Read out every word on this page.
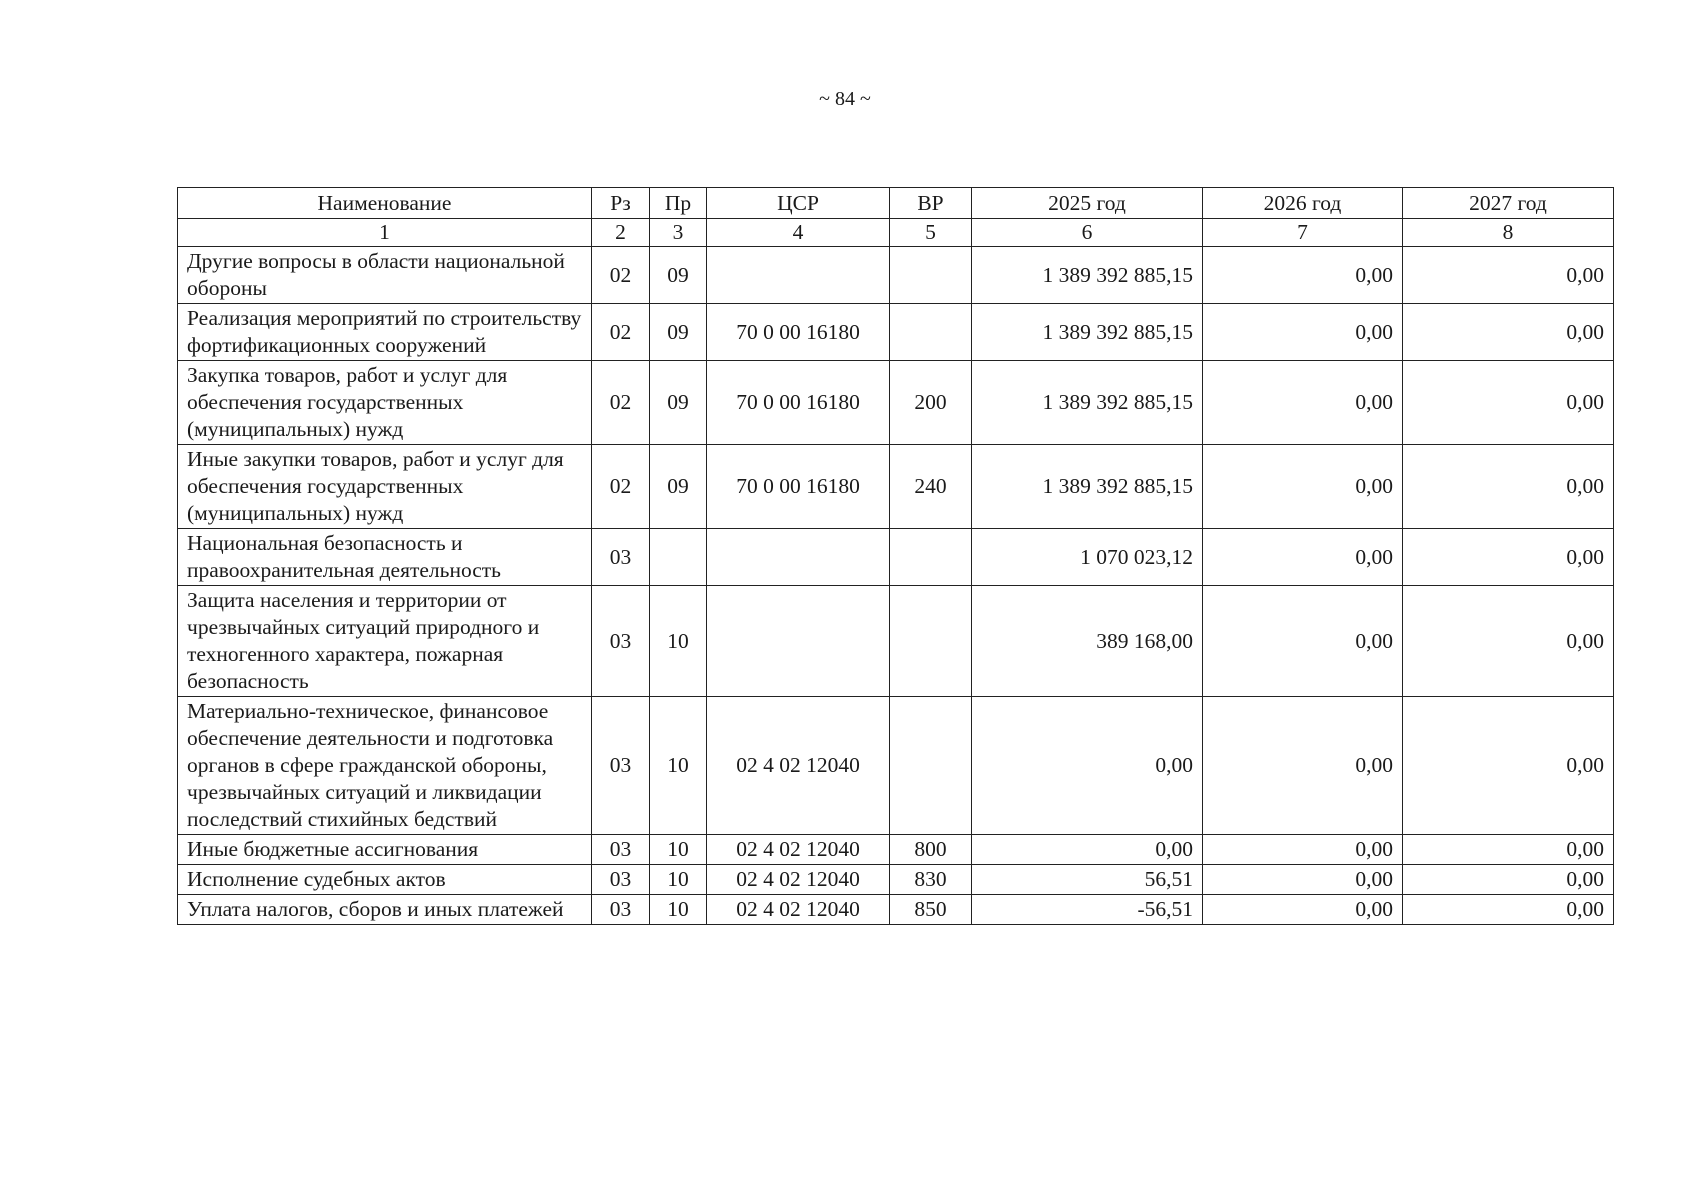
~ 84 ~
Наименование	Рз	Пр	ЦСР	ВР	2025 год	2026 год	2027 год
1	2	3	4	5	6	7	8
Другие вопросы в области национальной обороны	02	09			1 389 392 885,15	0,00	0,00
Реализация мероприятий по строительству фортификационных сооружений	02	09	70 0 00 16180		1 389 392 885,15	0,00	0,00
Закупка товаров, работ и услуг для обеспечения государственных (муниципальных) нужд	02	09	70 0 00 16180	200	1 389 392 885,15	0,00	0,00
Иные закупки товаров, работ и услуг для обеспечения государственных (муниципальных) нужд	02	09	70 0 00 16180	240	1 389 392 885,15	0,00	0,00
Национальная безопасность и правоохранительная деятельность	03				1 070 023,12	0,00	0,00
Защита населения и территории от чрезвычайных ситуаций природного и техногенного характера, пожарная безопасность	03	10			389 168,00	0,00	0,00
Материально-техническое, финансовое обеспечение деятельности и подготовка органов в сфере гражданской обороны, чрезвычайных ситуаций и ликвидации последствий стихийных бедствий	03	10	02 4 02 12040		0,00	0,00	0,00
Иные бюджетные ассигнования	03	10	02 4 02 12040	800	0,00	0,00	0,00
Исполнение судебных актов	03	10	02 4 02 12040	830	56,51	0,00	0,00
Уплата налогов, сборов и иных платежей	03	10	02 4 02 12040	850	-56,51	0,00	0,00
